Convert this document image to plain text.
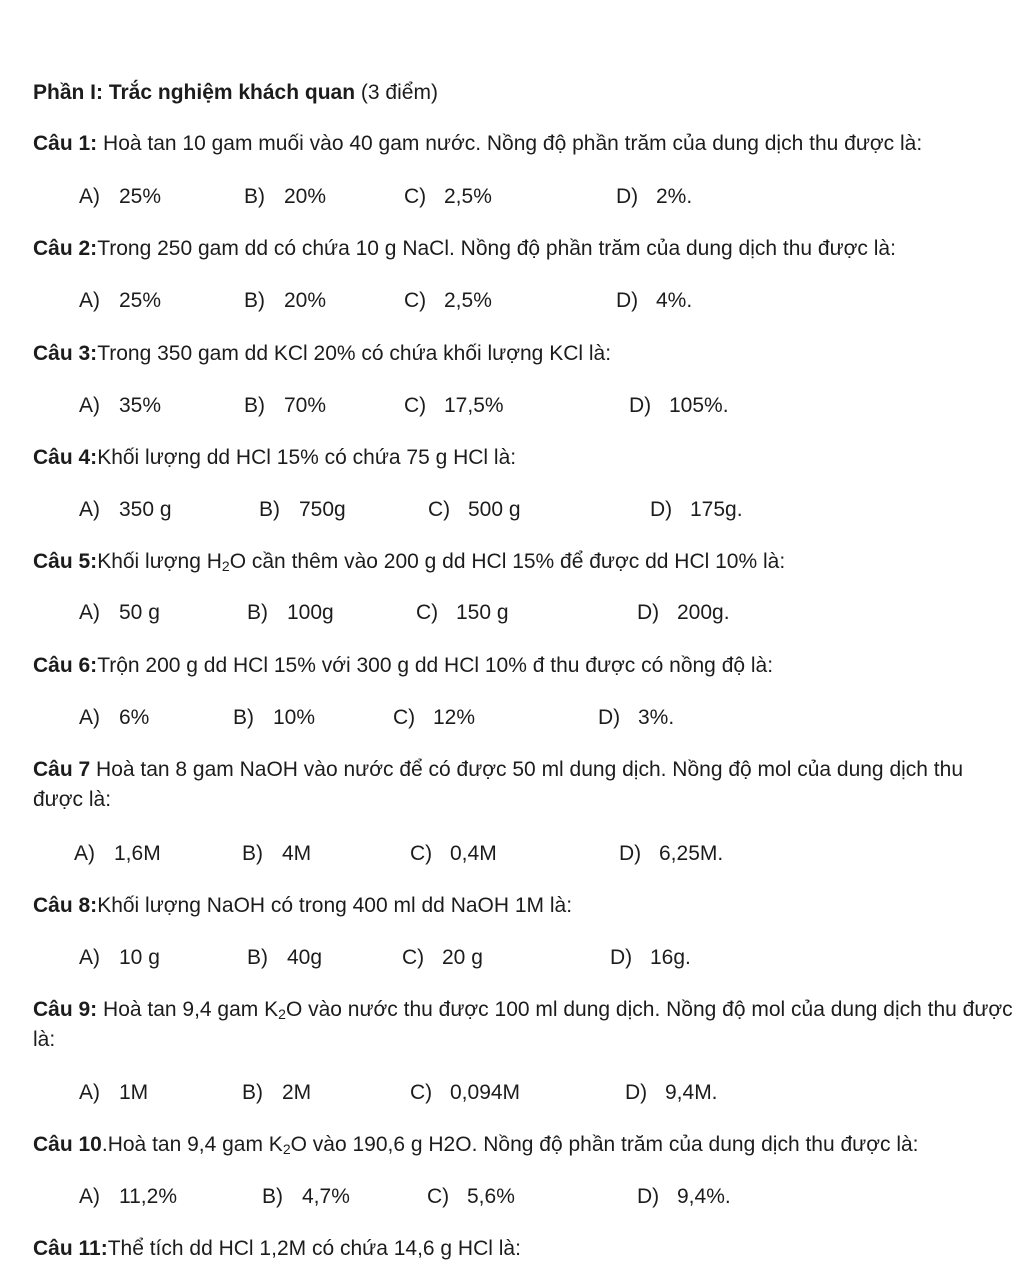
Phần I: Trắc nghiệm khách quan (3 điểm)

Câu 1: Hoà tan 10 gam muối vào 40 gam nước. Nồng độ phần trăm của dung dịch thu được là:

A) 25%	B) 20%	C) 2,5%	D) 2%.

Câu 2:Trong 250 gam dd có chứa 10 g NaCl. Nồng độ phần trăm của dung dịch thu được là:

A) 25%	B) 20%	C) 2,5%	D) 4%.

Câu 3:Trong 350 gam dd KCl 20% có chứa khối lượng KCl là:

A) 35%	B) 70%	C) 17,5%	D) 105%.

Câu 4:Khối lượng dd HCl 15% có chứa 75 g HCl là:

A) 350 g	B) 750g	C) 500 g	D) 175g.

Câu 5:Khối lượng $H_2O$ cần thêm vào 200 g dd HCl 15% để được dd HCl 10% là:

A) 50 g	B) 100g	C) 150 g	D) 200g.

Câu 6:Trộn 200 g dd HCl 15% với 300 g dd HCl 10% đ thu được có nồng độ là:

A) 6%	B) 10%	C) 12%	D) 3%.

Câu 7 Hoà tan 8 gam NaOH vào nước để có được 50 ml dung dịch. Nồng độ mol của dung dịch thu được là:

A) 1,6M	B) 4M	C) 0,4M	D) 6,25M.

Câu 8:Khối lượng NaOH có trong 400 ml dd NaOH 1M là:

A) 10 g	B) 40g	C) 20 g	D) 16g.

Câu 9: Hoà tan 9,4 gam $K_2O$ vào nước thu được 100 ml dung dịch. Nồng độ mol của dung dịch thu được là:

A) 1M	B) 2M	C) 0,094M	D) 9,4M.

Câu 10.Hoà tan 9,4 gam $K_2O$ vào 190,6 g H2O. Nồng độ phần trăm của dung dịch thu được là:

A) 11,2%	B) 4,7%	C) 5,6%	D) 9,4%.

Câu 11:Thể tích dd HCl 1,2M có chứa 14,6 g HCl là:
